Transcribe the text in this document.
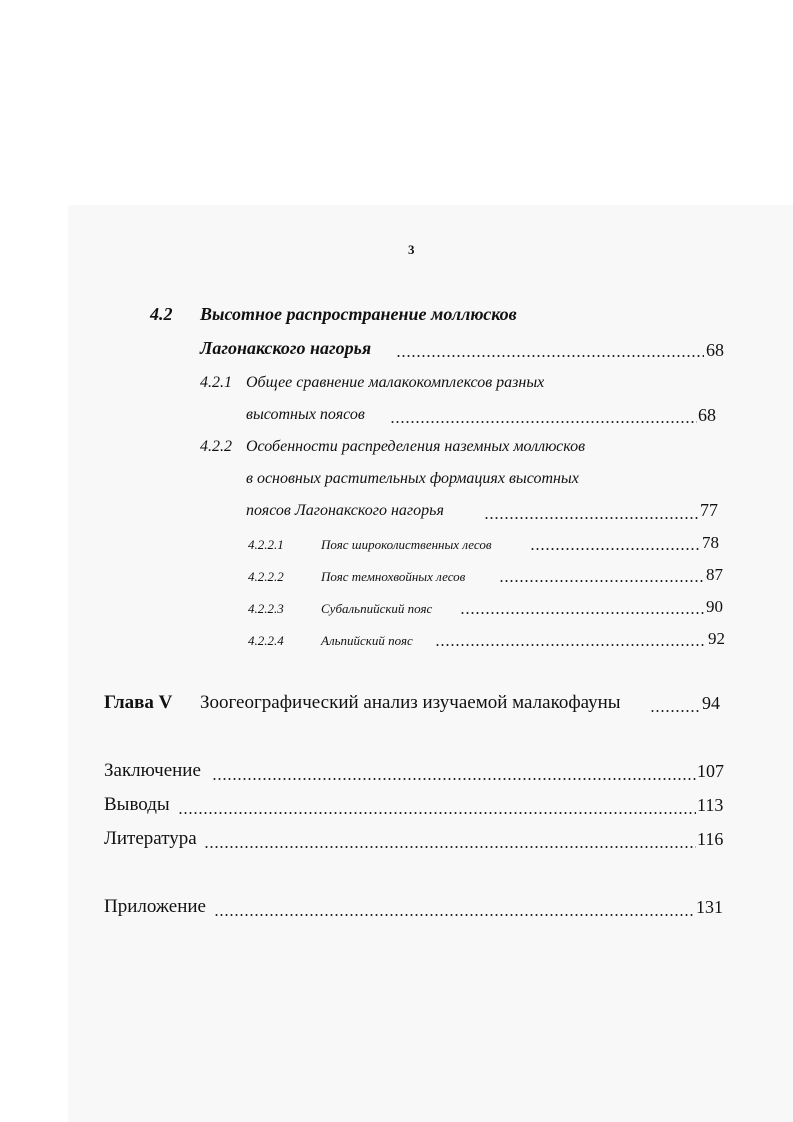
3
4.2 Высотное распространение моллюсков
Лагонакского нагорья	68
4.2.1 Общее сравнение малакокомплексов разных
высотных поясов	68
4.2.2 Особенности распределения наземных моллюсков
в основных растительных формациях высотных
поясов Лагонакского нагорья	77
4.2.2.1	Пояс широколиственных лесов	78
4.2.2.2	Пояс темнохвойных лесов	87
4.2.2.3	Субальпийский пояс	90
4.2.2.4	Альпийский пояс	92
Глава V Зоогеографический анализ изучаемой малакофауны	94
Заключение	107
Выводы	113
Литература	116
Приложение	131
